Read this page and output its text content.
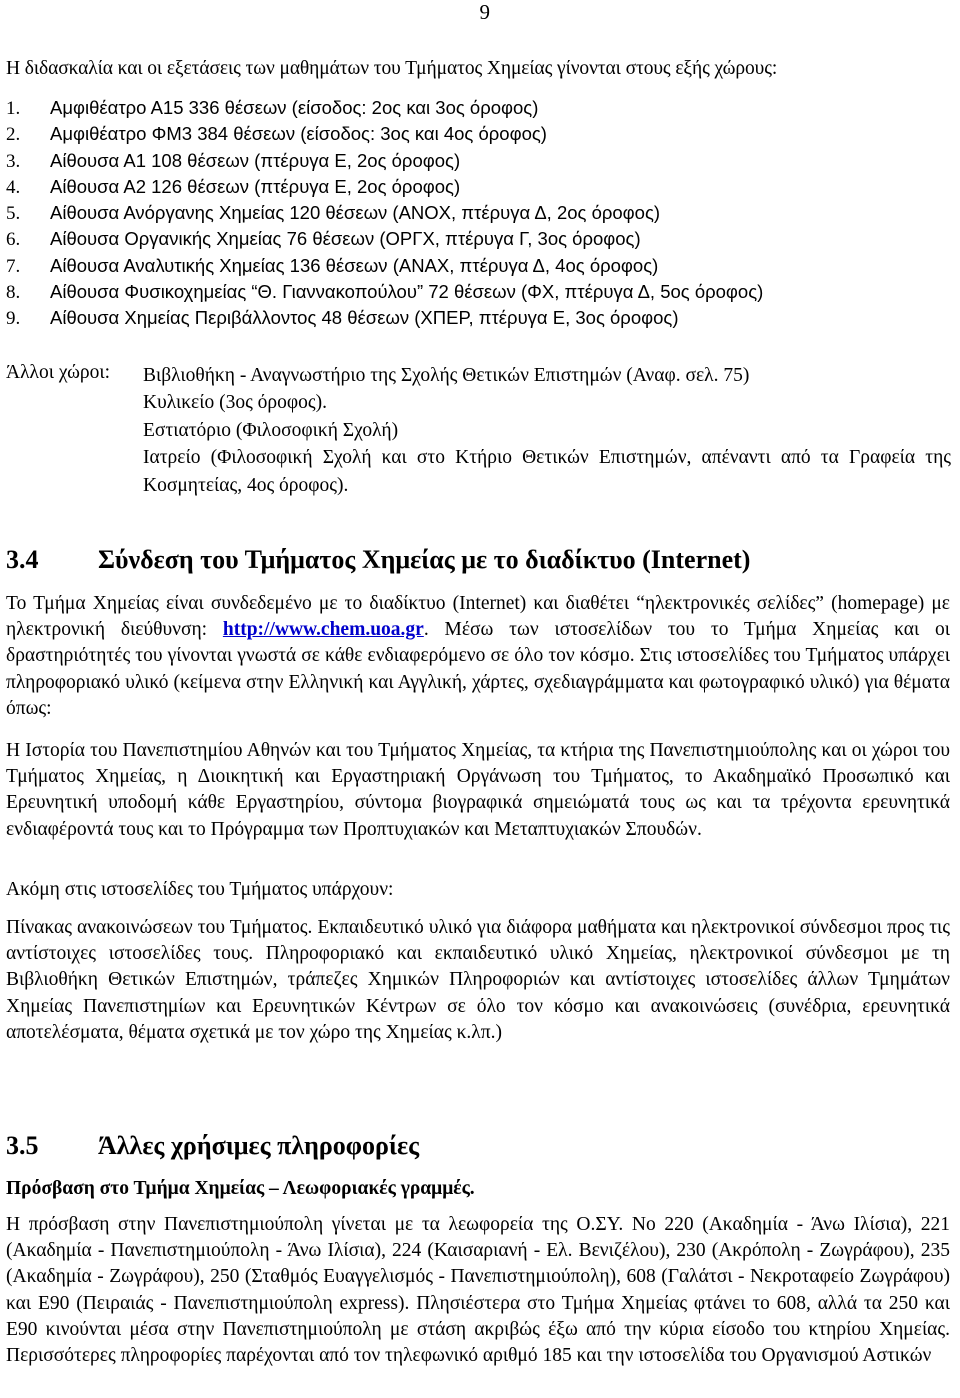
9
Η διδασκαλία και οι εξετάσεις των μαθημάτων του Τμήματος Χημείας γίνονται στους εξής χώρους:
1. Αμφιθέατρο Α15 336 θέσεων (είσοδος: 2ος και 3ος όροφος)
2. Αμφιθέατρο ΦΜ3 384 θέσεων (είσοδος: 3ος και 4ος όροφος)
3. Αίθουσα Α1 108 θέσεων (πτέρυγα Ε, 2ος όροφος)
4. Αίθουσα Α2 126 θέσεων (πτέρυγα Ε, 2ος όροφος)
5. Αίθουσα Ανόργανης Χημείας 120 θέσεων (ΑΝΟΧ, πτέρυγα Δ, 2ος όροφος)
6. Αίθουσα Οργανικής Χημείας 76 θέσεων (ΟΡΓΧ, πτέρυγα Γ, 3ος όροφος)
7. Αίθουσα Αναλυτικής Χημείας 136 θέσεων (ΑΝΑΧ, πτέρυγα Δ, 4ος όροφος)
8. Αίθουσα Φυσικοχημείας “Θ. Γιαννακοπούλου” 72 θέσεων (ΦΧ, πτέρυγα Δ, 5ος όροφος)
9. Αίθουσα Χημείας Περιβάλλοντος 48 θέσεων (ΧΠΕΡ, πτέρυγα Ε, 3ος όροφος)
Άλλοι χώροι: Βιβλιοθήκη - Αναγνωστήριο της Σχολής Θετικών Επιστημών (Αναφ. σελ. 75)
Κυλικείο (3ος όροφος).
Εστιατόριο (Φιλοσοφική Σχολή)
Ιατρείο (Φιλοσοφική Σχολή και στο Κτήριο Θετικών Επιστημών, απέναντι από τα Γραφεία της Κοσμητείας, 4ος όροφος).
3.4 Σύνδεση του Τμήματος Χημείας με το διαδίκτυο (Internet)
Το Τμήμα Χημείας είναι συνδεδεμένο με το διαδίκτυο (Internet) και διαθέτει “ηλεκτρονικές σελίδες” (homepage) με ηλεκτρονική διεύθυνση: http://www.chem.uoa.gr. Μέσω των ιστοσελίδων του το Τμήμα Χημείας και οι δραστηριότητές του γίνονται γνωστά σε κάθε ενδιαφερόμενο σε όλο τον κόσμο. Στις ιστοσελίδες του Τμήματος υπάρχει πληροφοριακό υλικό (κείμενα στην Ελληνική και Αγγλική, χάρτες, σχεδιαγράμματα και φωτογραφικό υλικό) για θέματα όπως:
Η Ιστορία του Πανεπιστημίου Αθηνών και του Τμήματος Χημείας, τα κτήρια της Πανεπιστημιούπολης και οι χώροι του Τμήματος Χημείας, η Διοικητική και Εργαστηριακή Οργάνωση του Τμήματος, το Ακαδημαϊκό Προσωπικό και Ερευνητική υποδομή κάθε Εργαστηρίου, σύντομα βιογραφικά σημειώματά τους ως και τα τρέχοντα ερευνητικά ενδιαφέροντά τους και το Πρόγραμμα των Προπτυχιακών και Μεταπτυχιακών Σπουδών.
Ακόμη στις ιστοσελίδες του Τμήματος υπάρχουν:
Πίνακας ανακοινώσεων του Τμήματος. Εκπαιδευτικό υλικό για διάφορα μαθήματα και ηλεκτρονικοί σύνδεσμοι προς τις αντίστοιχες ιστοσελίδες τους. Πληροφοριακό και εκπαιδευτικό υλικό Χημείας, ηλεκτρονικοί σύνδεσμοι με τη Βιβλιοθήκη Θετικών Επιστημών, τράπεζες Χημικών Πληροφοριών και αντίστοιχες ιστοσελίδες άλλων Τμημάτων Χημείας Πανεπιστημίων και Ερευνητικών Κέντρων σε όλο τον κόσμο και ανακοινώσεις (συνέδρια, ερευνητικά αποτελέσματα, θέματα σχετικά με τον χώρο της Χημείας κ.λπ.)
3.5 Άλλες χρήσιμες πληροφορίες
Πρόσβαση στο Τμήμα Χημείας – Λεωφοριακές γραμμές.
Η πρόσβαση στην Πανεπιστημιούπολη γίνεται με τα λεωφορεία της Ο.ΣΥ. Νο 220 (Ακαδημία - Άνω Ιλίσια), 221 (Ακαδημία - Πανεπιστημιούπολη - Άνω Ιλίσια), 224 (Καισαριανή - Ελ. Βενιζέλου), 230 (Ακρόπολη - Ζωγράφου), 235 (Ακαδημία - Ζωγράφου), 250 (Σταθμός Ευαγγελισμός - Πανεπιστημιούπολη), 608 (Γαλάτσι - Νεκροταφείο Ζωγράφου) και Ε90 (Πειραιάς - Πανεπιστημιούπολη express). Πλησιέστερα στο Τμήμα Χημείας φτάνει το 608, αλλά τα 250 και Ε90 κινούνται μέσα στην Πανεπιστημιούπολη με στάση ακριβώς έξω από την κύρια είσοδο του κτηρίου Χημείας. Περισσότερες πληροφορίες παρέχονται από τον τηλεφωνικό αριθμό 185 και την ιστοσελίδα του Οργανισμού Αστικών
